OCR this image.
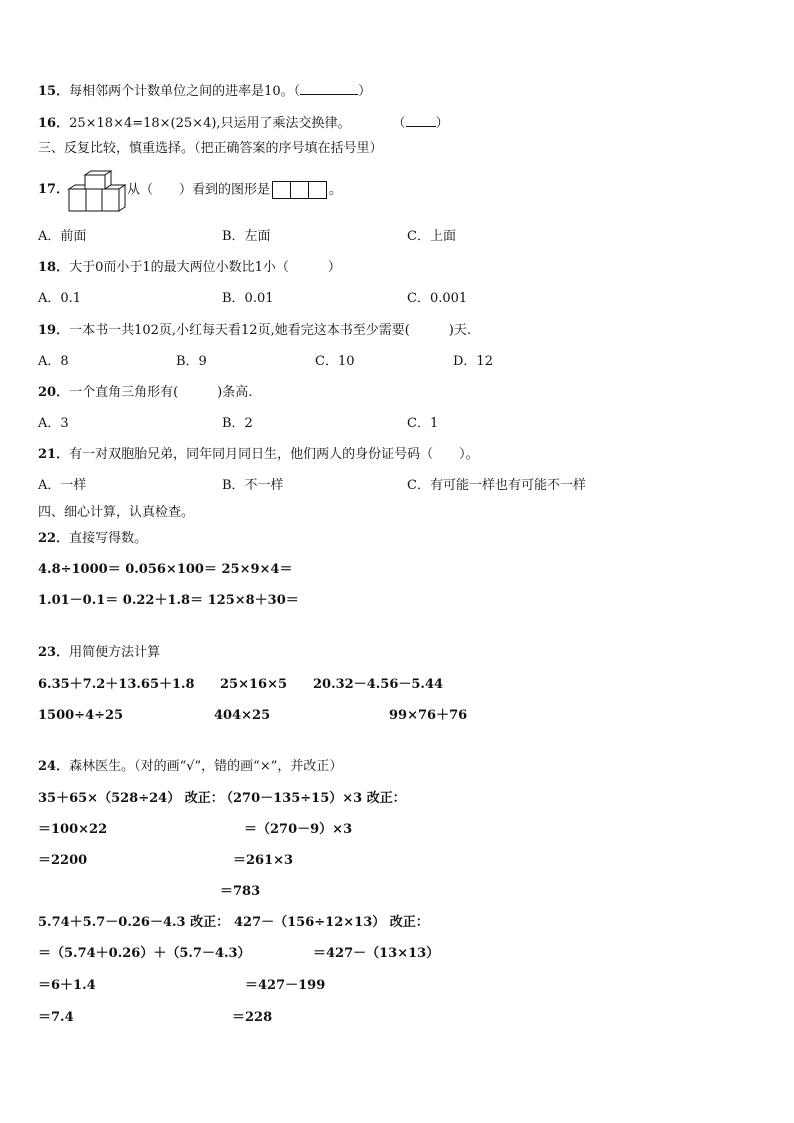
15．每相邻两个计数单位之间的进率是10。（	）
16．25×18×4=18×(25×4),只运用了乘法交换律。	（ ）
三、反复比较，慎重选择。（把正确答案的序号填在括号里）
17．	从（　　）看到的图形是	。
A．前面	B．左面	C．上面
18．大于0而小于1的最大两位小数比1小（　　　）
A．0.1	B．0.01	C．0.001
19．一本书一共102页,小红每天看12页,她看完这本书至少需要(　　　)天.
A．8	B．9	C．10	D．12
20．一个直角三角形有(　　　)条高.
A．3	B．2	C．1
21．有一对双胞胎兄弟，同年同月同日生，他们两人的身份证号码（　　）。
A．一样	B．不一样	C．有可能一样也有可能不一样
四、细心计算，认真检查。
22．直接写得数。
4.8÷1000＝ 0.056×100＝ 25×9×4＝
1.01－0.1＝ 0.22＋1.8＝ 125×8＋30＝
23．用简便方法计算
6.35＋7.2＋13.65＋1.8 25×16×5 20.32－4.56－5.44
1500÷4÷25	404×25	99×76＋76
24．森林医生。（对的画“√”，错的画“×”，并改正）
35＋65×（528÷24） 改正：
＝100×22
＝2200
（270－135÷15）×3 改正：
＝（270－9）×3
＝261×3
＝783
5.74＋5.7－0.26－4.3 改正：
＝（5.74＋0.26）＋（5.7－4.3）
＝6＋1.4
＝7.4
427－（156÷12×13） 改正：
＝427－（13×13）
＝427－199
＝228
